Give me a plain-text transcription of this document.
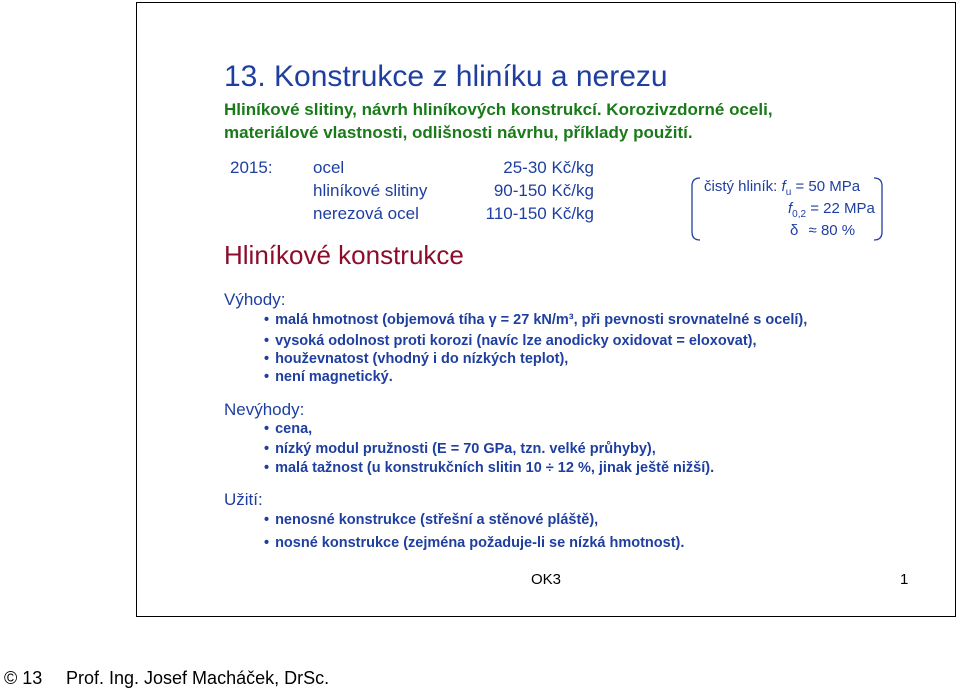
13. Konstrukce z hliníku a nerezu
Hliníkové slitiny, návrh hliníkových konstrukcí. Korozivzdorné oceli,
materiálové vlastnosti, odlišnosti návrhu, příklady použití.
2015: ocel	25-30 Kč/kg
hliníkové slitiny	90-150 Kč/kg
nerezová ocel	110-150 Kč/kg
čistý hliník: $f_u = 50$ MPa
$f_{0,2} = 22$ MPa
δ ≈ 80 %
Hliníkové konstrukce
Výhody:
• malá hmotnost (objemová tíha γ = 27 kN/m³, při pevnosti srovnatelné s ocelí),
• vysoká odolnost proti korozi (navíc lze anodicky oxidovat = eloxovat),
• houževnatost (vhodný i do nízkých teplot),
• není magnetický.
Nevýhody:
• cena,
• nízký modul pružnosti (E = 70 GPa, tzn. velké průhyby),
• malá tažnost (u konstrukčních slitin 10 ÷ 12 %, jinak ještě nižší).
Užití:
• nenosné konstrukce (střešní a stěnové pláště),
• nosné konstrukce (zejména požaduje-li se nízká hmotnost).
OK3	1
© 13 Prof. Ing. Josef Macháček, DrSc.
